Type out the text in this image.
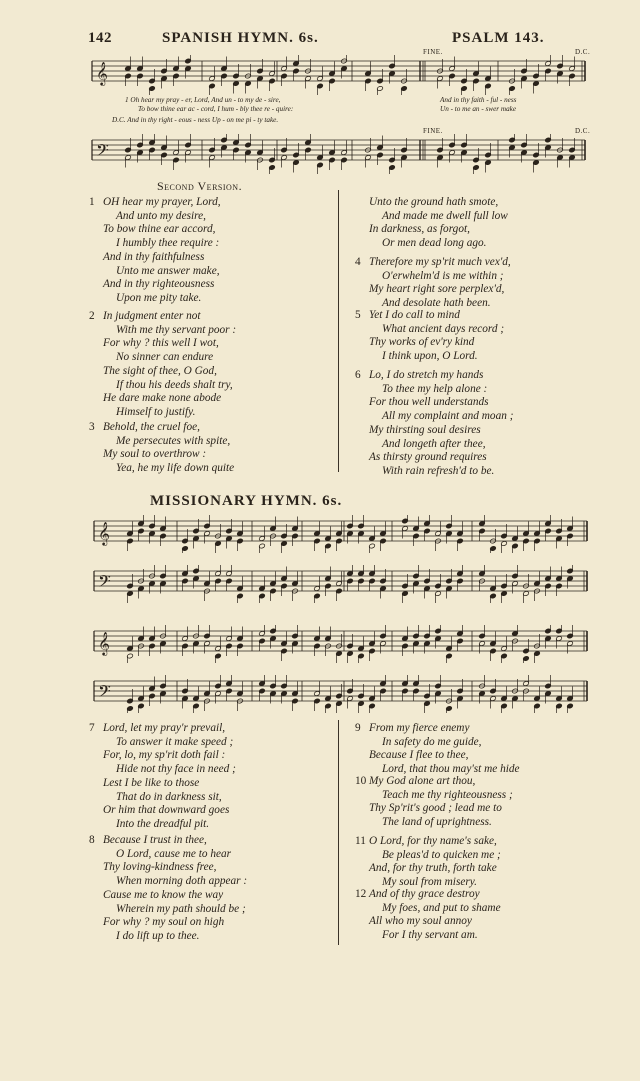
142	SPANISH HYMN. 6s.	PSALM 143.
FINE.	D.C.
𝄞
1 Oh hear my pray - er, Lord, And un - to my de - sire,	And in thy faith - ful - ness
To bow thine ear ac - cord, I hum - bly thee re - quire:	Un - to me an - swer make
D.C. And in thy right - eous - ness Up - on me pi - ty take.
FINE.	D.C.
𝄢
Second Version.
1 OH hear my prayer, Lord,
And unto my desire,
To bow thine ear accord,
I humbly thee require :
And in thy faithfulness
Unto me answer make,
And in thy righteousness
Upon me pity take.
2 In judgment enter not
With me thy servant poor :
For why ? this well I wot,
No sinner can endure
The sight of thee, O God,
If thou his deeds shalt try,
He dare make none abode
Himself to justify.
3 Behold, the cruel foe,
Me persecutes with spite,
My soul to overthrow :
Yea, he my life down quite
Unto the ground hath smote,
And made me dwell full low
In darkness, as forgot,
Or men dead long ago.
4 Therefore my sp'rit much vex'd,
O'erwhelm'd is me within ;
My heart right sore perplex'd,
And desolate hath been.
5 Yet I do call to mind
What ancient days record ;
Thy works of ev'ry kind
I think upon, O Lord.
6 Lo, I do stretch my hands
To thee my help alone :
For thou well understands
All my complaint and moan ;
My thirsting soul desires
And longeth after thee,
As thirsty ground requires
With rain refresh'd to be.
MISSIONARY HYMN. 6s.
𝄞
𝄢
𝄞
𝄢
7 Lord, let my pray'r prevail,
To answer it make speed ;
For, lo, my sp'rit doth fail :
Hide not thy face in need ;
Lest I be like to those
That do in darkness sit,
Or him that downward goes
Into the dreadful pit.
8 Because I trust in thee,
O Lord, cause me to hear
Thy loving-kindness free,
When morning doth appear :
Cause me to know the way
Wherein my path should be ;
For why ? my soul on high
I do lift up to thee.
9 From my fierce enemy
In safety do me guide,
Because I flee to thee,
Lord, that thou may'st me hide
10 My God alone art thou,
Teach me thy righteousness ;
Thy Sp'rit's good ; lead me to
The land of uprightness.
11 O Lord, for thy name's sake,
Be pleas'd to quicken me ;
And, for thy truth, forth take
My soul from misery.
12 And of thy grace destroy
My foes, and put to shame
All who my soul annoy
For I thy servant am.
